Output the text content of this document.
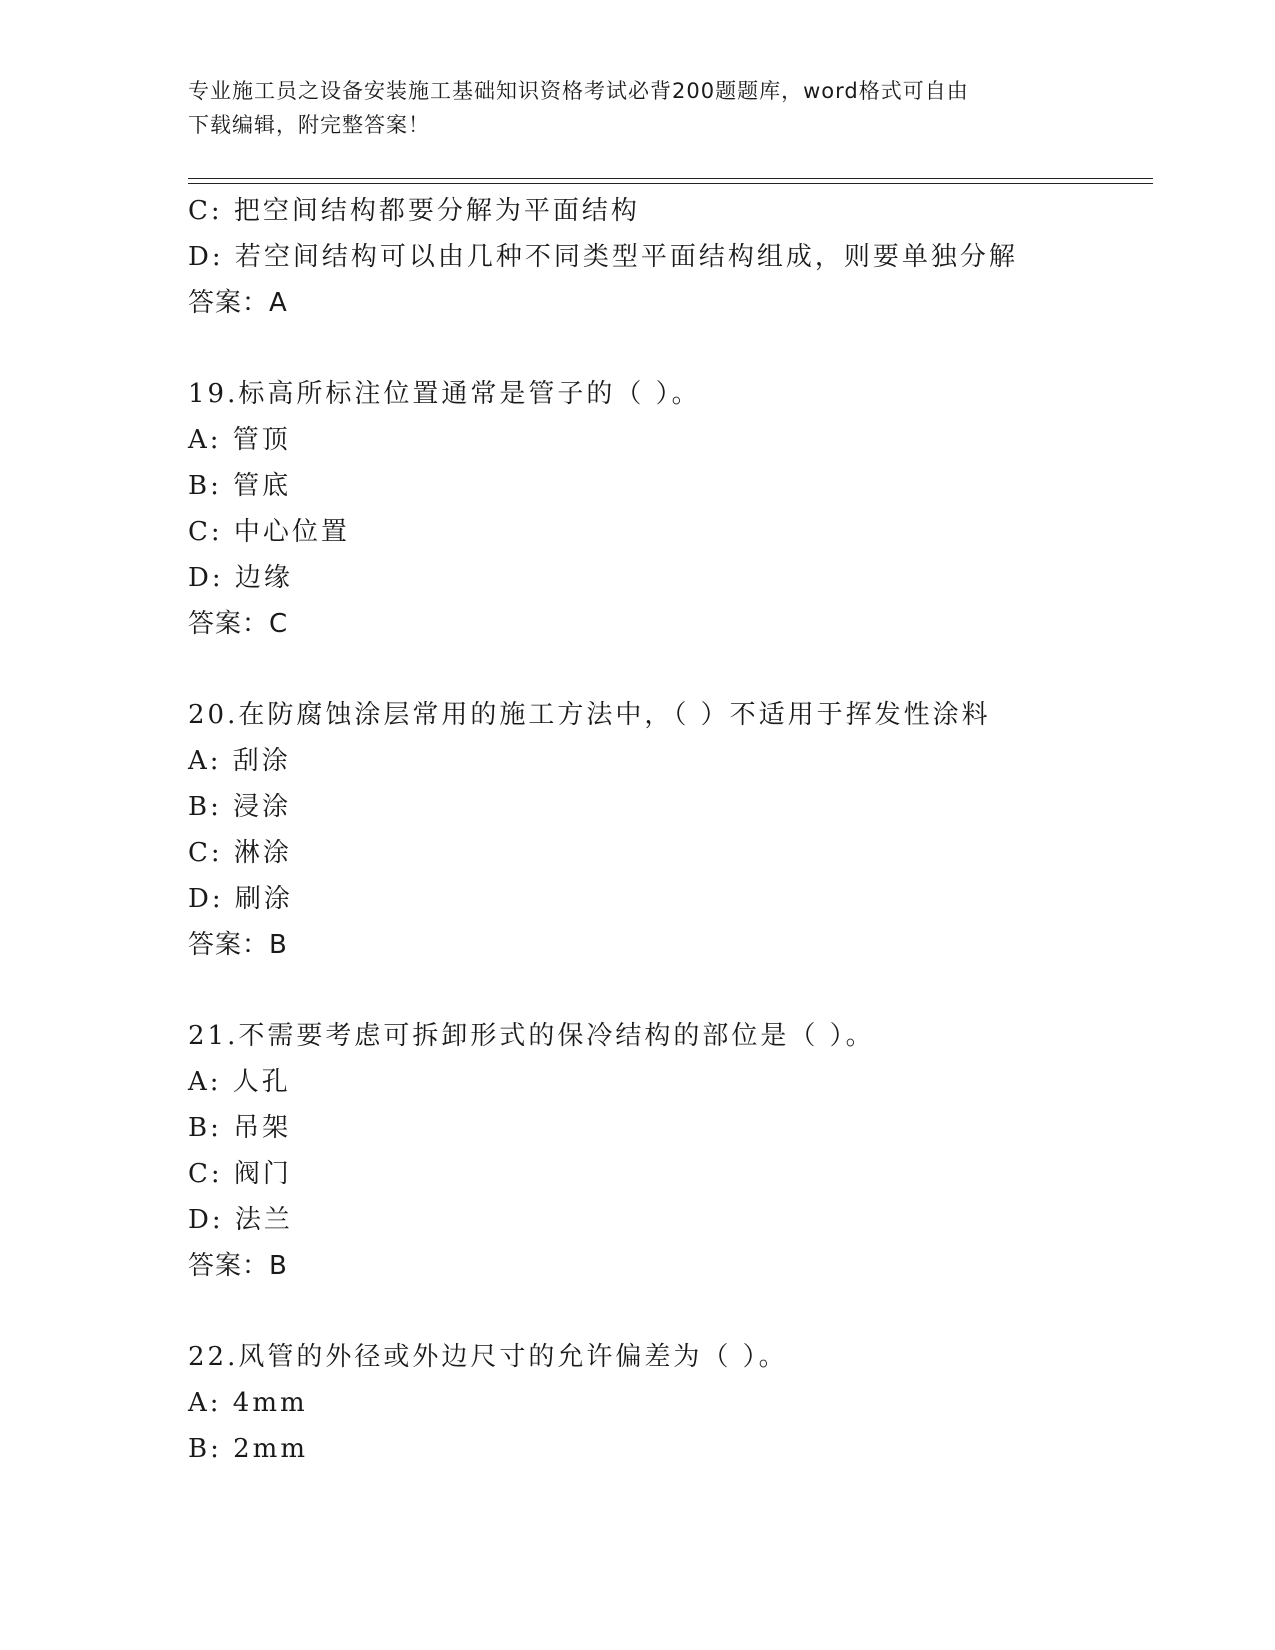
专业施工员之设备安装施工基础知识资格考试必背200题题库，word格式可自由
下载编辑，附完整答案！
C: 把空间结构都要分解为平面结构
D: 若空间结构可以由几种不同类型平面结构组成，则要单独分解
答案：A
19.标高所标注位置通常是管子的（ ）。
A: 管顶
B: 管底
C: 中心位置
D: 边缘
答案：C
20.在防腐蚀涂层常用的施工方法中，（ ）不适用于挥发性涂料
A: 刮涂
B: 浸涂
C: 淋涂
D: 刷涂
答案：B
21.不需要考虑可拆卸形式的保冷结构的部位是（ ）。
A: 人孔
B: 吊架
C: 阀门
D: 法兰
答案：B
22.风管的外径或外边尺寸的允许偏差为（ ）。
A: 4mm
B: 2mm
